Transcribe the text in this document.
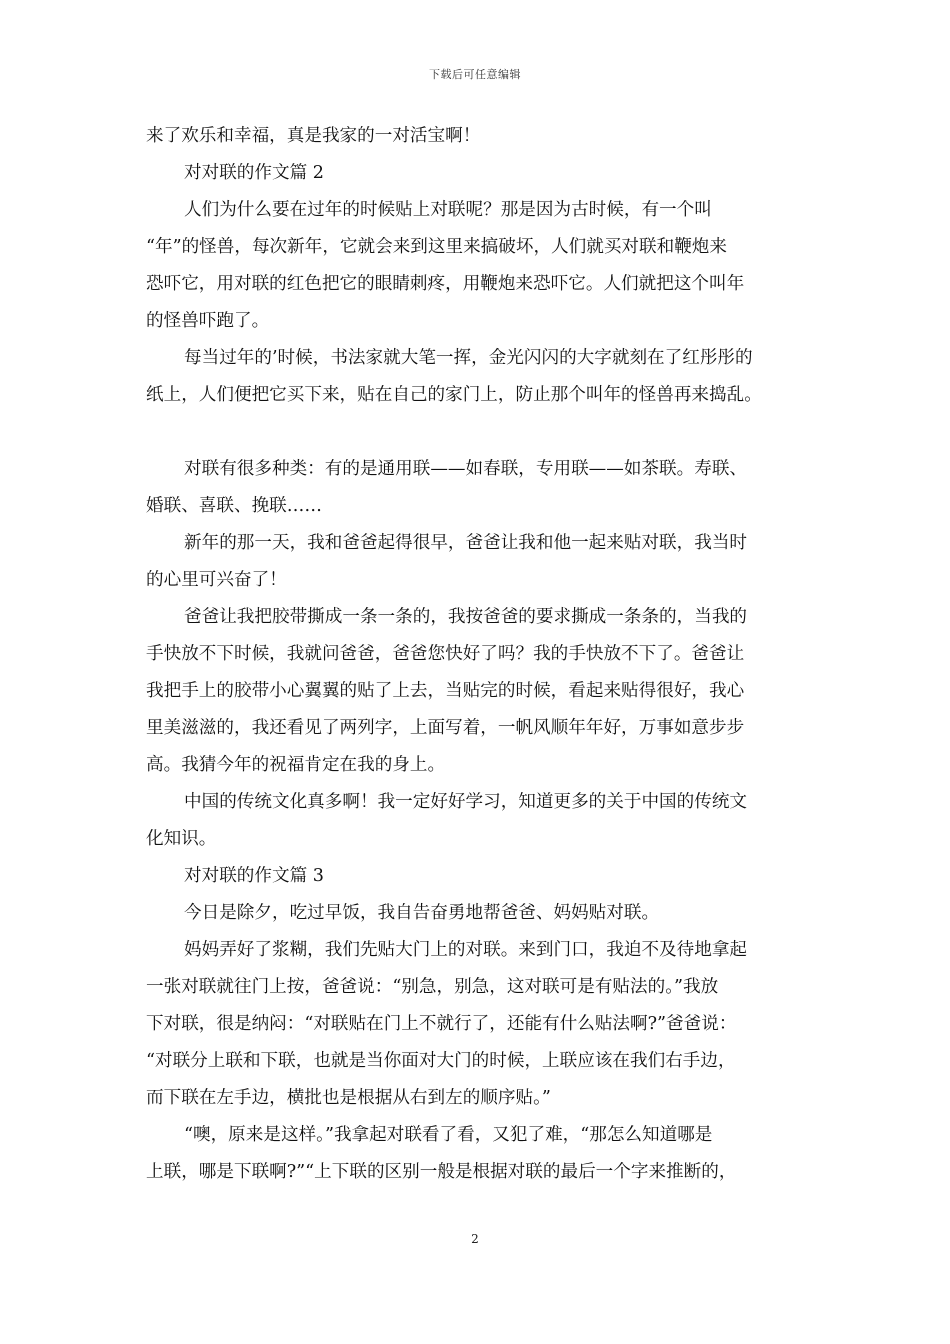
下载后可任意编辑
来了欢乐和幸福，真是我家的一对活宝啊！
对对联的作文篇 2
人们为什么要在过年的时候贴上对联呢？那是因为古时候，有一个叫
“年”的怪兽，每次新年，它就会来到这里来搞破坏，人们就买对联和鞭炮来
恐吓它，用对联的红色把它的眼睛刺疼，用鞭炮来恐吓它。人们就把这个叫年
的怪兽吓跑了。
每当过年的’时候，书法家就大笔一挥，金光闪闪的大字就刻在了红彤彤的
纸上，人们便把它买下来，贴在自己的家门上，防止那个叫年的怪兽再来捣乱。
对联有很多种类：有的是通用联——如春联，专用联——如茶联。寿联、
婚联、喜联、挽联……
新年的那一天，我和爸爸起得很早，爸爸让我和他一起来贴对联，我当时
的心里可兴奋了！
爸爸让我把胶带撕成一条一条的，我按爸爸的要求撕成一条条的，当我的
手快放不下时候，我就问爸爸，爸爸您快好了吗？我的手快放不下了。爸爸让
我把手上的胶带小心翼翼的贴了上去，当贴完的时候，看起来贴得很好，我心
里美滋滋的，我还看见了两列字，上面写着，一帆风顺年年好，万事如意步步
高。我猜今年的祝福肯定在我的身上。
中国的传统文化真多啊！我一定好好学习，知道更多的关于中国的传统文
化知识。
对对联的作文篇 3
今日是除夕，吃过早饭，我自告奋勇地帮爸爸、妈妈贴对联。
妈妈弄好了浆糊，我们先贴大门上的对联。来到门口，我迫不及待地拿起
一张对联就往门上按，爸爸说：“别急，别急，这对联可是有贴法的。”我放
下对联，很是纳闷：“对联贴在门上不就行了，还能有什么贴法啊?”爸爸说：
“对联分上联和下联，也就是当你面对大门的时候，上联应该在我们右手边，
而下联在左手边，横批也是根据从右到左的顺序贴。”
“噢，原来是这样。”我拿起对联看了看，又犯了难，“那怎么知道哪是
上联，哪是下联啊?”“上下联的区别一般是根据对联的最后一个字来推断的，
2
